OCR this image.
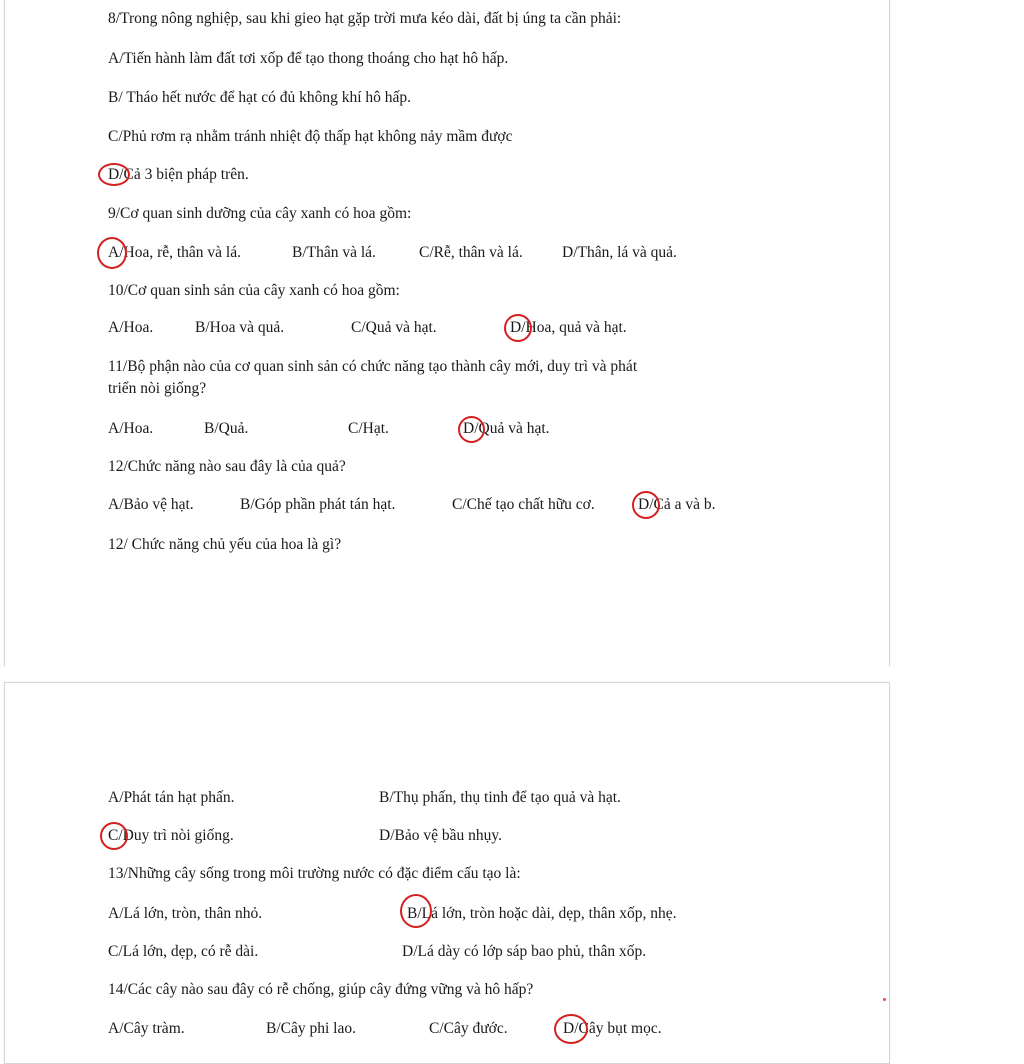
8/Trong nông nghiệp, sau khi gieo hạt gặp trời mưa kéo dài, đất bị úng ta cần phải:
A/Tiến hành làm đất tơi xốp để tạo thong thoáng cho hạt hô hấp.
B/ Tháo hết nước để hạt có đủ không khí hô hấp.
C/Phủ rơm rạ nhằm tránh nhiệt độ thấp hạt không nảy mầm được
D/Cả 3 biện pháp trên.
9/Cơ quan sinh dưỡng của cây xanh có hoa gồm:
A/Hoa, rễ, thân và lá.	B/Thân và lá.	C/Rễ, thân và lá.	D/Thân, lá và quả.
10/Cơ quan sinh sản của cây xanh có hoa gồm:
A/Hoa.	B/Hoa và quả.	C/Quả và hạt.	D/Hoa, quả và hạt.
11/Bộ phận nào của cơ quan sinh sản có chức năng tạo thành cây mới, duy trì và phát
triển nòi giống?
A/Hoa.	B/Quả.	C/Hạt.	D/Quả và hạt.
12/Chức năng nào sau đây là của quả?
A/Bảo vệ hạt.	B/Góp phần phát tán hạt.	C/Chế tạo chất hữu cơ.	D/Cả a và b.
12/ Chức năng chủ yếu của hoa là gì?
A/Phát tán hạt phấn.	B/Thụ phấn, thụ tinh để tạo quả và hạt.
C/Duy trì nòi giống.	D/Bảo vệ bầu nhụy.
13/Những cây sống trong môi trường nước có đặc điểm cấu tạo là:
A/Lá lớn, tròn, thân nhỏ.	B/Lá lớn, tròn hoặc dài, dẹp, thân xốp, nhẹ.
C/Lá lớn, dẹp, có rễ dài.	D/Lá dày có lớp sáp bao phủ, thân xốp.
14/Các cây nào sau đây có rễ chống, giúp cây đứng vững và hô hấp?
A/Cây tràm.	B/Cây phi lao.	C/Cây đước.	D/Cây bụt mọc.
